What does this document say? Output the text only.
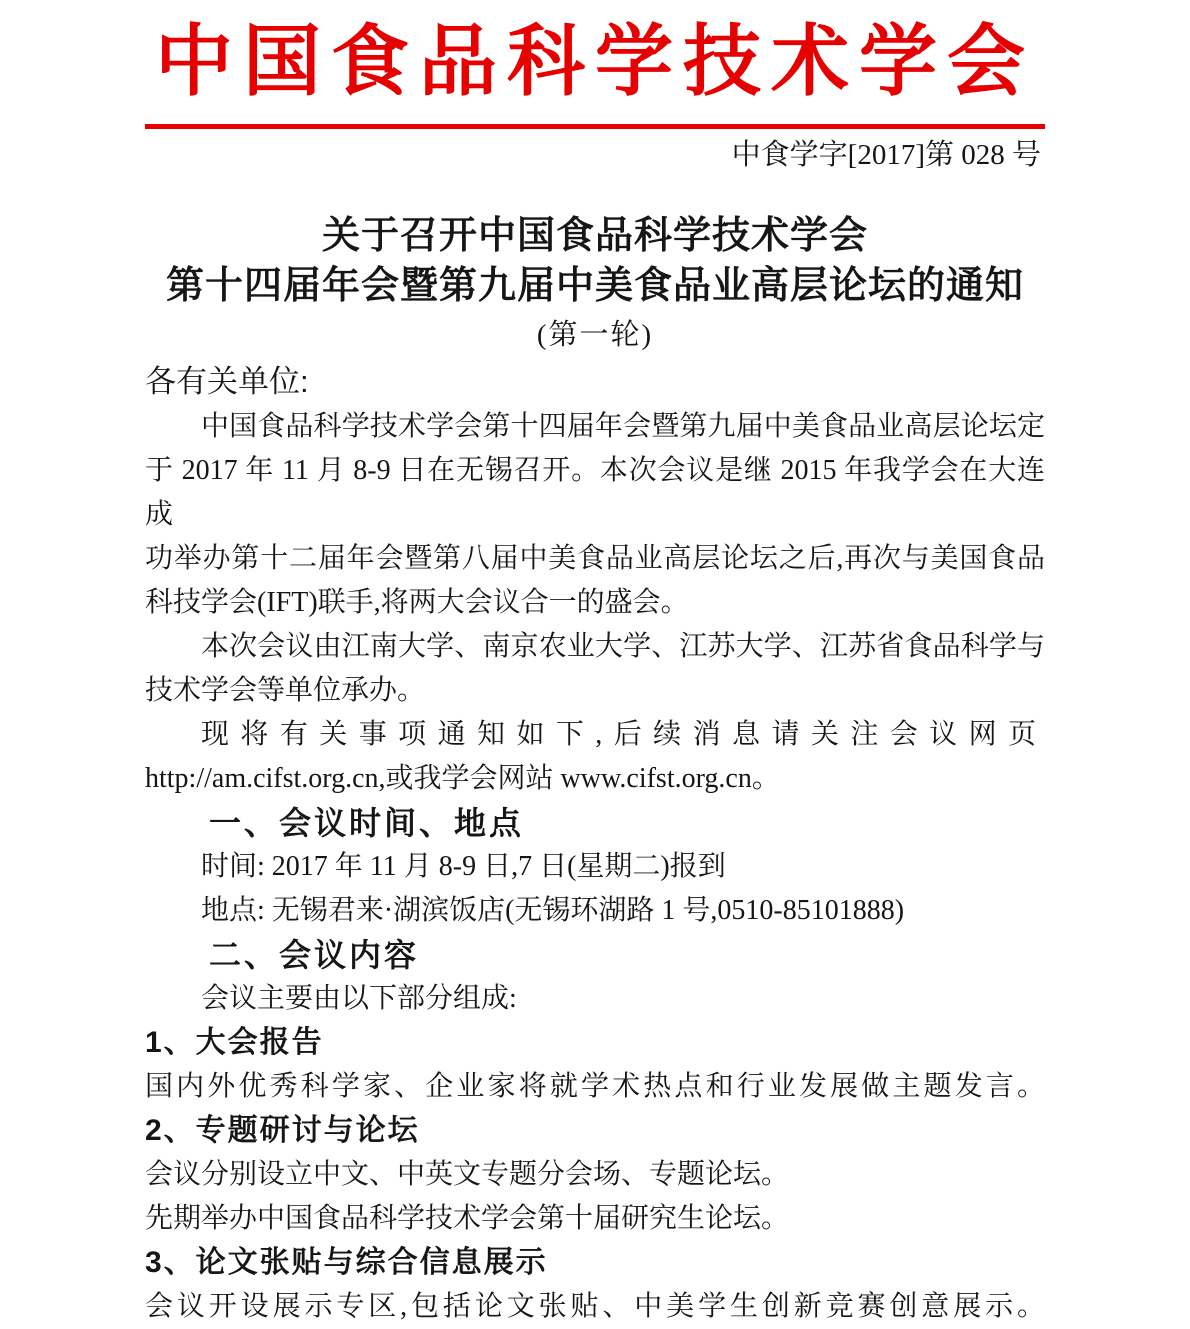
中国食品科学技术学会
中食学字[2017]第 028 号
关于召开中国食品科学技术学会
第十四届年会暨第九届中美食品业高层论坛的通知
(第一轮)
各有关单位:

中国食品科学技术学会第十四届年会暨第九届中美食品业高层论坛定

于 2017 年 11 月 8-9 日在无锡召开。本次会议是继 2015 年我学会在大连成

功举办第十二届年会暨第八届中美食品业高层论坛之后,再次与美国食品

科技学会(IFT)联手,将两大会议合一的盛会。

本次会议由江南大学、南京农业大学、江苏大学、江苏省食品科学与

技术学会等单位承办。

现将有关事项通知如下,后续消息请关注会议网页

http://am.cifst.org.cn,或我学会网站 www.cifst.org.cn。

一、会议时间、地点

时间: 2017 年 11 月 8-9 日,7 日(星期二)报到

地点: 无锡君来·湖滨饭店(无锡环湖路 1 号,0510-85101888)

二、会议内容

会议主要由以下部分组成:

1、大会报告

国内外优秀科学家、企业家将就学术热点和行业发展做主题发言。

2、专题研讨与论坛

会议分别设立中文、中英文专题分会场、专题论坛。

先期举办中国食品科学技术学会第十届研究生论坛。

3、论文张贴与综合信息展示

会议开设展示专区,包括论文张贴、中美学生创新竞赛创意展示。
